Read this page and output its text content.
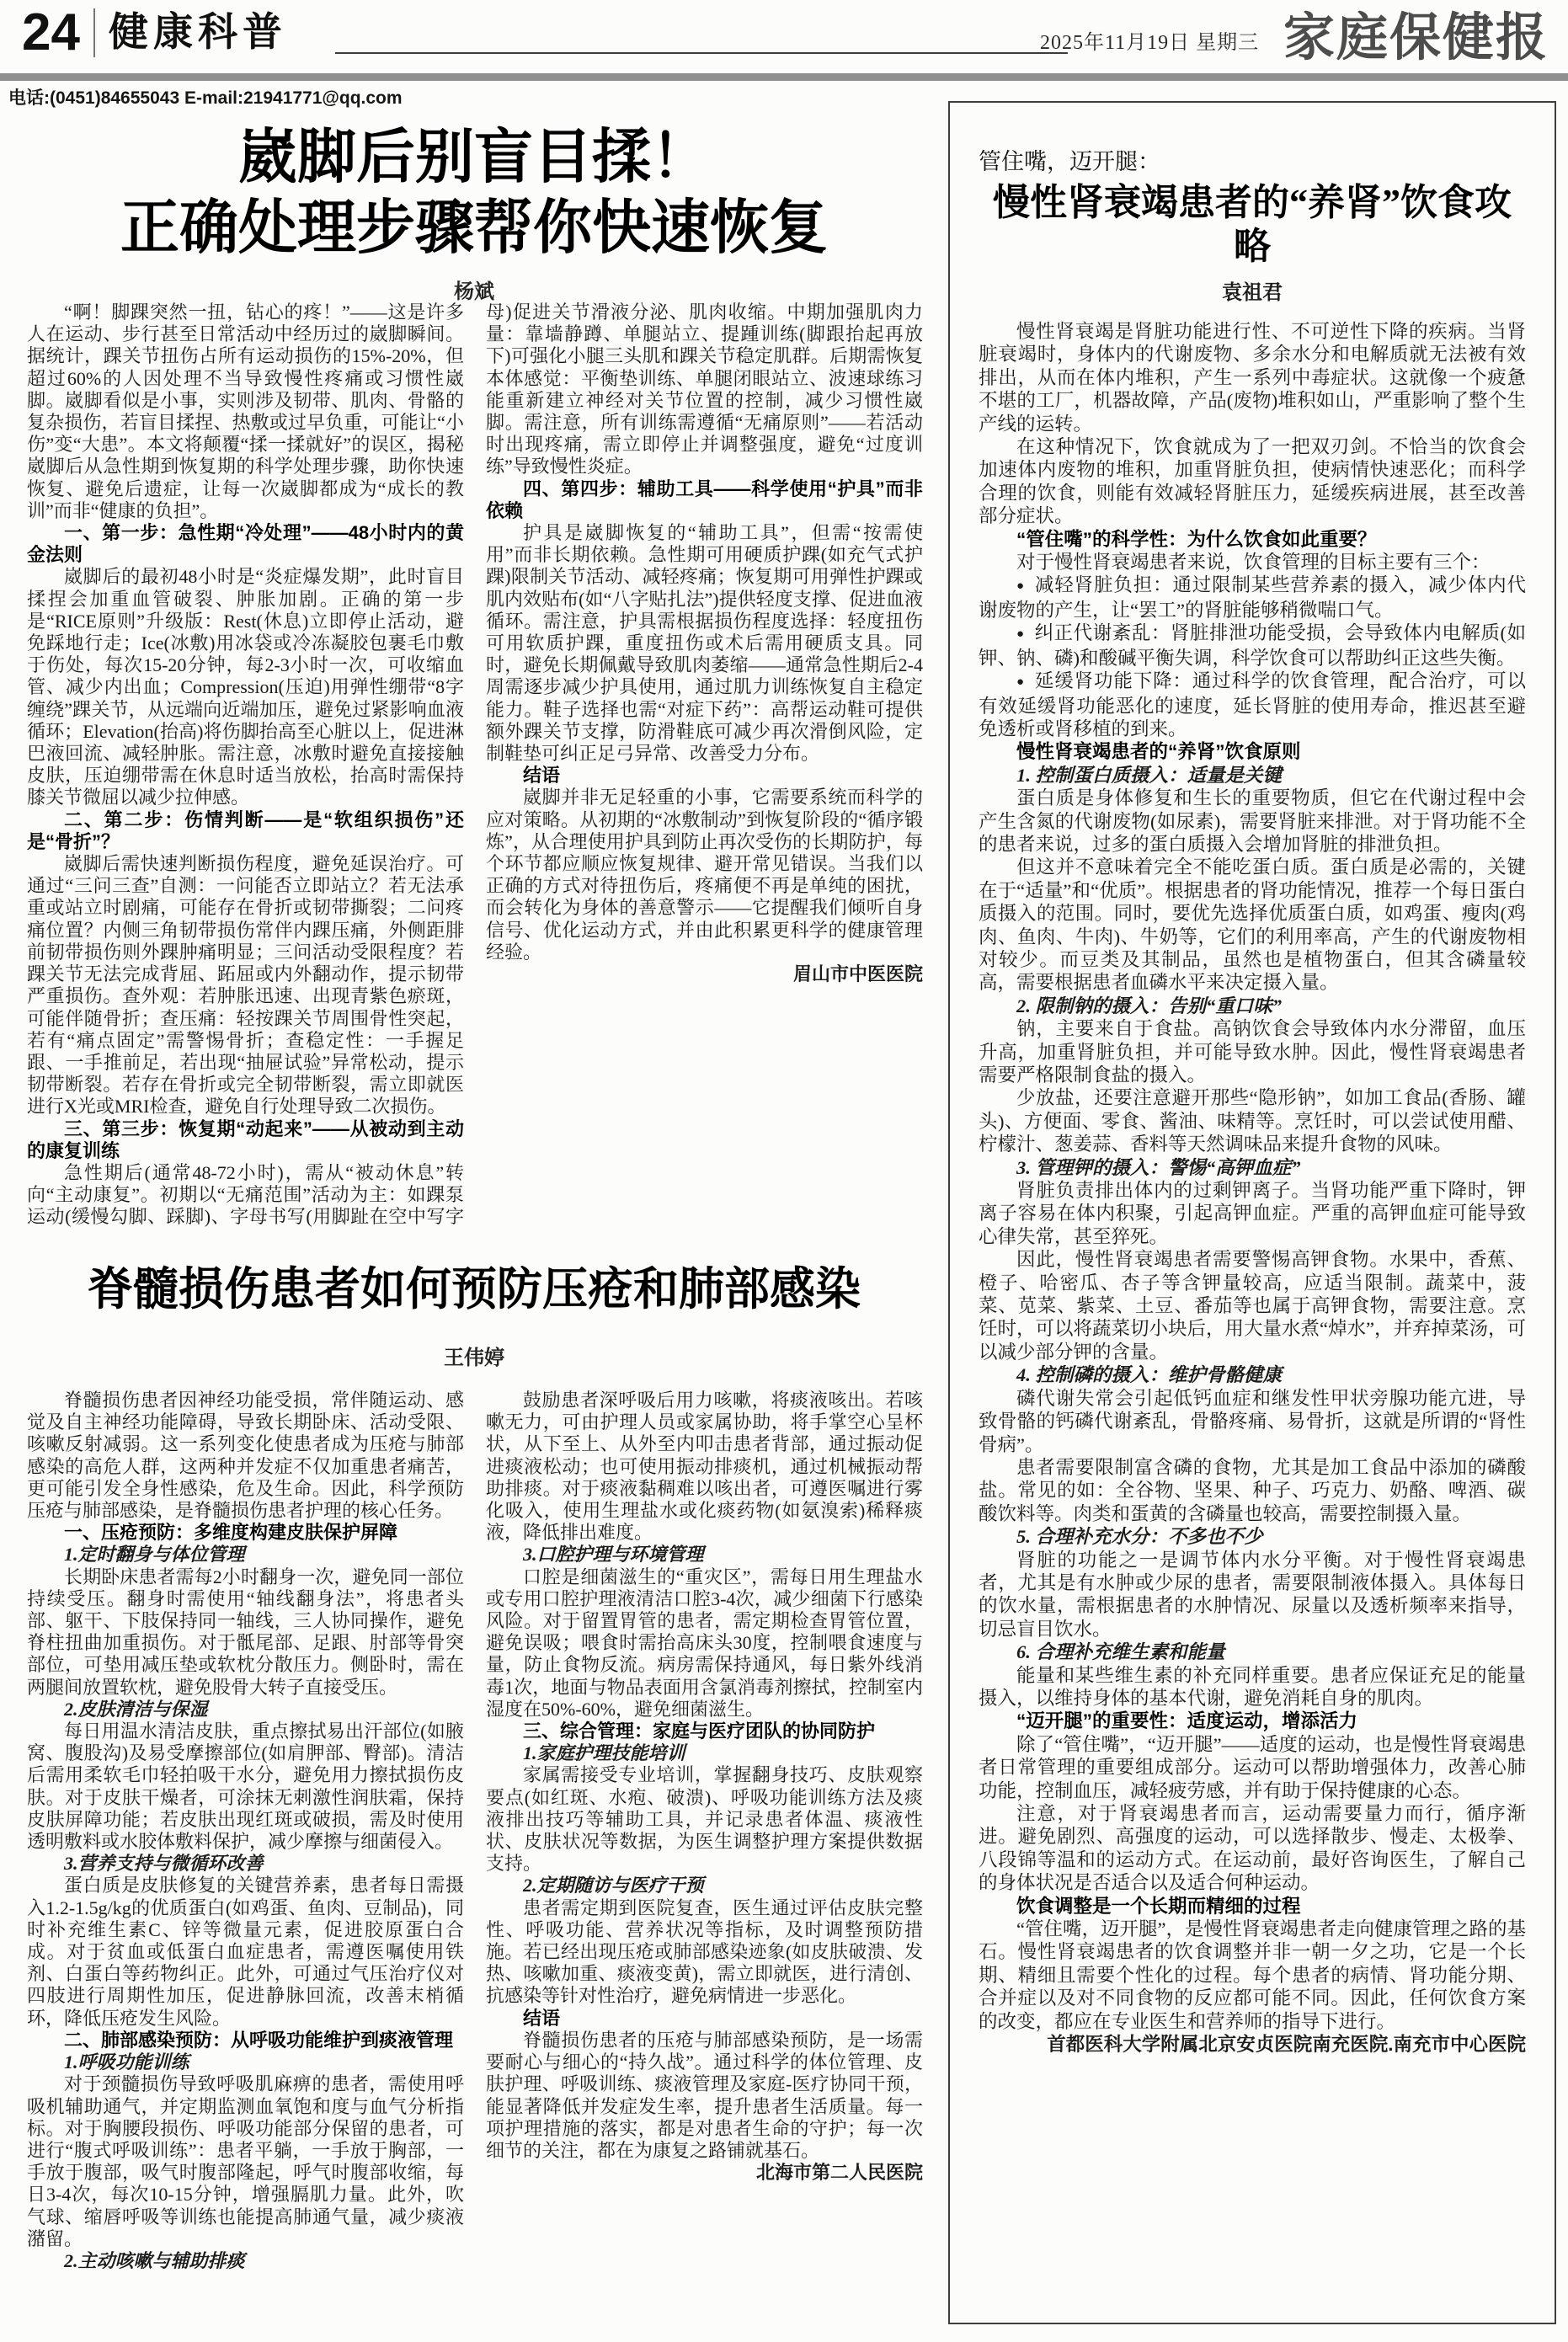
24 健康科普	2025年11月19日 星期三 家庭保健报
电话:(0451)84655043 E-mail:21941771@qq.com
崴脚后别盲目揉！
正确处理步骤帮你快速恢复
杨斌
“啊！脚踝突然一扭，钻心的疼！”——这是许多人在运动、步行甚至日常活动中经历过的崴脚瞬间。据统计，踝关节扭伤占所有运动损伤的15%-20%，但超过60%的人因处理不当导致慢性疼痛或习惯性崴脚。崴脚看似是小事，实则涉及韧带、肌肉、骨骼的复杂损伤，若盲目揉捏、热敷或过早负重，可能让“小伤”变“大患”。本文将颠覆“揉一揉就好”的误区，揭秘崴脚后从急性期到恢复期的科学处理步骤，助你快速恢复、避免后遗症，让每一次崴脚都成为“成长的教训”而非“健康的负担”。
一、第一步：急性期“冷处理”——48小时内的黄金法则
崴脚后的最初48小时是“炎症爆发期”，此时盲目揉捏会加重血管破裂、肿胀加剧。正确的第一步是“RICE原则”升级版：Rest(休息)立即停止活动，避免踩地行走；Ice(冰敷)用冰袋或冷冻凝胶包裹毛巾敷于伤处，每次15-20分钟，每2-3小时一次，可收缩血管、减少内出血；Compression(压迫)用弹性绷带“8字缠绕”踝关节，从远端向近端加压，避免过紧影响血液循环；Elevation(抬高)将伤脚抬高至心脏以上，促进淋巴液回流、减轻肿胀。需注意，冰敷时避免直接接触皮肤，压迫绷带需在休息时适当放松，抬高时需保持膝关节微屈以减少拉伸感。
二、第二步：伤情判断——是“软组织损伤”还是“骨折”？
崴脚后需快速判断损伤程度，避免延误治疗。可通过“三问三查”自测：一问能否立即站立？若无法承重或站立时剧痛，可能存在骨折或韧带撕裂；二问疼痛位置？内侧三角韧带损伤常伴内踝压痛，外侧距腓前韧带损伤则外踝肿痛明显；三问活动受限程度？若踝关节无法完成背屈、跖屈或内外翻动作，提示韧带严重损伤。查外观：若肿胀迅速、出现青紫色瘀斑，可能伴随骨折；查压痛：轻按踝关节周围骨性突起，若有“痛点固定”需警惕骨折；查稳定性：一手握足跟、一手推前足，若出现“抽屉试验”异常松动，提示韧带断裂。若存在骨折或完全韧带断裂，需立即就医进行X光或MRI检查，避免自行处理导致二次损伤。
三、第三步：恢复期“动起来”——从被动到主动的康复训练
急性期后(通常48-72小时)，需从“被动休息”转向“主动康复”。初期以“无痛范围”活动为主：如踝泵运动(缓慢勾脚、踩脚)、字母书写(用脚趾在空中写字母)促进关节滑液分泌、肌肉收缩。中期加强肌肉力量：靠墙静蹲、单腿站立、提踵训练(脚跟抬起再放下)可强化小腿三头肌和踝关节稳定肌群。后期需恢复本体感觉：平衡垫训练、单腿闭眼站立、波速球练习能重新建立神经对关节位置的控制，减少习惯性崴脚。需注意，所有训练需遵循“无痛原则”——若活动时出现疼痛，需立即停止并调整强度，避免“过度训练”导致慢性炎症。
四、第四步：辅助工具——科学使用“护具”而非依赖
护具是崴脚恢复的“辅助工具”，但需“按需使用”而非长期依赖。急性期可用硬质护踝(如充气式护踝)限制关节活动、减轻疼痛；恢复期可用弹性护踝或肌内效贴布(如“八字贴扎法”)提供轻度支撑、促进血液循环。需注意，护具需根据损伤程度选择：轻度扭伤可用软质护踝，重度扭伤或术后需用硬质支具。同时，避免长期佩戴导致肌肉萎缩——通常急性期后2-4周需逐步减少护具使用，通过肌力训练恢复自主稳定能力。鞋子选择也需“对症下药”：高帮运动鞋可提供额外踝关节支撑，防滑鞋底可减少再次滑倒风险，定制鞋垫可纠正足弓异常、改善受力分布。
结语
崴脚并非无足轻重的小事，它需要系统而科学的应对策略。从初期的“冰敷制动”到恢复阶段的“循序锻炼”，从合理使用护具到防止再次受伤的长期防护，每个环节都应顺应恢复规律、避开常见错误。当我们以正确的方式对待扭伤后，疼痛便不再是单纯的困扰，而会转化为身体的善意警示——它提醒我们倾听自身信号、优化运动方式，并由此积累更科学的健康管理经验。
眉山市中医医院
脊髓损伤患者如何预防压疮和肺部感染
王伟婷
脊髓损伤患者因神经功能受损，常伴随运动、感觉及自主神经功能障碍，导致长期卧床、活动受限、咳嗽反射减弱。这一系列变化使患者成为压疮与肺部感染的高危人群，这两种并发症不仅加重患者痛苦，更可能引发全身性感染，危及生命。因此，科学预防压疮与肺部感染，是脊髓损伤患者护理的核心任务。
一、压疮预防：多维度构建皮肤保护屏障
1.定时翻身与体位管理
长期卧床患者需每2小时翻身一次，避免同一部位持续受压。翻身时需使用“轴线翻身法”，将患者头部、躯干、下肢保持同一轴线，三人协同操作，避免脊柱扭曲加重损伤。对于骶尾部、足跟、肘部等骨突部位，可垫用减压垫或软枕分散压力。侧卧时，需在两腿间放置软枕，避免股骨大转子直接受压。
2.皮肤清洁与保湿
每日用温水清洁皮肤，重点擦拭易出汗部位(如腋窝、腹股沟)及易受摩擦部位(如肩胛部、臀部)。清洁后需用柔软毛巾轻拍吸干水分，避免用力擦拭损伤皮肤。对于皮肤干燥者，可涂抹无刺激性润肤霜，保持皮肤屏障功能；若皮肤出现红斑或破损，需及时使用透明敷料或水胶体敷料保护，减少摩擦与细菌侵入。
3.营养支持与微循环改善
蛋白质是皮肤修复的关键营养素，患者每日需摄入1.2-1.5g/kg的优质蛋白(如鸡蛋、鱼肉、豆制品)，同时补充维生素C、锌等微量元素，促进胶原蛋白合成。对于贫血或低蛋白血症患者，需遵医嘱使用铁剂、白蛋白等药物纠正。此外，可通过气压治疗仪对四肢进行周期性加压，促进静脉回流，改善末梢循环，降低压疮发生风险。
二、肺部感染预防：从呼吸功能维护到痰液管理
1.呼吸功能训练
对于颈髓损伤导致呼吸肌麻痹的患者，需使用呼吸机辅助通气，并定期监测血氧饱和度与血气分析指标。对于胸腰段损伤、呼吸功能部分保留的患者，可进行“腹式呼吸训练”：患者平躺，一手放于胸部，一手放于腹部，吸气时腹部隆起，呼气时腹部收缩，每日3-4次，每次10-15分钟，增强膈肌力量。此外，吹气球、缩唇呼吸等训练也能提高肺通气量，减少痰液潴留。
2.主动咳嗽与辅助排痰
鼓励患者深呼吸后用力咳嗽，将痰液咳出。若咳嗽无力，可由护理人员或家属协助，将手掌空心呈杯状，从下至上、从外至内叩击患者背部，通过振动促进痰液松动；也可使用振动排痰机，通过机械振动帮助排痰。对于痰液黏稠难以咳出者，可遵医嘱进行雾化吸入，使用生理盐水或化痰药物(如氨溴索)稀释痰液，降低排出难度。
3.口腔护理与环境管理
口腔是细菌滋生的“重灾区”，需每日用生理盐水或专用口腔护理液清洁口腔3-4次，减少细菌下行感染风险。对于留置胃管的患者，需定期检查胃管位置，避免误吸；喂食时需抬高床头30度，控制喂食速度与量，防止食物反流。病房需保持通风，每日紫外线消毒1次，地面与物品表面用含氯消毒剂擦拭，控制室内湿度在50%-60%，避免细菌滋生。
三、综合管理：家庭与医疗团队的协同防护
1.家庭护理技能培训
家属需接受专业培训，掌握翻身技巧、皮肤观察要点(如红斑、水疱、破溃)、呼吸功能训练方法及痰液排出技巧等辅助工具，并记录患者体温、痰液性状、皮肤状况等数据，为医生调整护理方案提供数据支持。
2.定期随访与医疗干预
患者需定期到医院复查，医生通过评估皮肤完整性、呼吸功能、营养状况等指标，及时调整预防措施。若已经出现压疮或肺部感染迹象(如皮肤破溃、发热、咳嗽加重、痰液变黄)，需立即就医，进行清创、抗感染等针对性治疗，避免病情进一步恶化。
结语
脊髓损伤患者的压疮与肺部感染预防，是一场需要耐心与细心的“持久战”。通过科学的体位管理、皮肤护理、呼吸训练、痰液管理及家庭-医疗协同干预，能显著降低并发症发生率，提升患者生活质量。每一项护理措施的落实，都是对患者生命的守护；每一次细节的关注，都在为康复之路铺就基石。
北海市第二人民医院
管住嘴，迈开腿：
慢性肾衰竭患者的“养肾”饮食攻略
袁祖君
慢性肾衰竭是肾脏功能进行性、不可逆性下降的疾病。当肾脏衰竭时，身体内的代谢废物、多余水分和电解质就无法被有效排出，从而在体内堆积，产生一系列中毒症状。这就像一个疲惫不堪的工厂，机器故障，产品(废物)堆积如山，严重影响了整个生产线的运转。
在这种情况下，饮食就成为了一把双刃剑。不恰当的饮食会加速体内废物的堆积，加重肾脏负担，使病情快速恶化；而科学合理的饮食，则能有效减轻肾脏压力，延缓疾病进展，甚至改善部分症状。
“管住嘴”的科学性：为什么饮食如此重要？
对于慢性肾衰竭患者来说，饮食管理的目标主要有三个：
● 减轻肾脏负担：通过限制某些营养素的摄入，减少体内代谢废物的产生，让“罢工”的肾脏能够稍微喘口气。
● 纠正代谢紊乱：肾脏排泄功能受损，会导致体内电解质(如钾、钠、磷)和酸碱平衡失调，科学饮食可以帮助纠正这些失衡。
● 延缓肾功能下降：通过科学的饮食管理，配合治疗，可以有效延缓肾功能恶化的速度，延长肾脏的使用寿命，推迟甚至避免透析或肾移植的到来。
慢性肾衰竭患者的“养肾”饮食原则
1. 控制蛋白质摄入：适量是关键
蛋白质是身体修复和生长的重要物质，但它在代谢过程中会产生含氮的代谢废物(如尿素)，需要肾脏来排泄。对于肾功能不全的患者来说，过多的蛋白质摄入会增加肾脏的排泄负担。
但这并不意味着完全不能吃蛋白质。蛋白质是必需的，关键在于“适量”和“优质”。根据患者的肾功能情况，推荐一个每日蛋白质摄入的范围。同时，要优先选择优质蛋白质，如鸡蛋、瘦肉(鸡肉、鱼肉、牛肉)、牛奶等，它们的利用率高，产生的代谢废物相对较少。而豆类及其制品，虽然也是植物蛋白，但其含磷量较高，需要根据患者血磷水平来决定摄入量。
2. 限制钠的摄入：告别“重口味”
钠，主要来自于食盐。高钠饮食会导致体内水分滞留，血压升高，加重肾脏负担，并可能导致水肿。因此，慢性肾衰竭患者需要严格限制食盐的摄入。
少放盐，还要注意避开那些“隐形钠”，如加工食品(香肠、罐头)、方便面、零食、酱油、味精等。烹饪时，可以尝试使用醋、柠檬汁、葱姜蒜、香料等天然调味品来提升食物的风味。
3. 管理钾的摄入：警惕“高钾血症”
肾脏负责排出体内的过剩钾离子。当肾功能严重下降时，钾离子容易在体内积聚，引起高钾血症。严重的高钾血症可能导致心律失常，甚至猝死。
因此，慢性肾衰竭患者需要警惕高钾食物。水果中，香蕉、橙子、哈密瓜、杏子等含钾量较高，应适当限制。蔬菜中，菠菜、苋菜、紫菜、土豆、番茄等也属于高钾食物，需要注意。烹饪时，可以将蔬菜切小块后，用大量水煮“焯水”，并弃掉菜汤，可以减少部分钾的含量。
4. 控制磷的摄入：维护骨骼健康
磷代谢失常会引起低钙血症和继发性甲状旁腺功能亢进，导致骨骼的钙磷代谢紊乱，骨骼疼痛、易骨折，这就是所谓的“肾性骨病”。
患者需要限制富含磷的食物，尤其是加工食品中添加的磷酸盐。常见的如：全谷物、坚果、种子、巧克力、奶酪、啤酒、碳酸饮料等。肉类和蛋黄的含磷量也较高，需要控制摄入量。
5. 合理补充水分：不多也不少
肾脏的功能之一是调节体内水分平衡。对于慢性肾衰竭患者，尤其是有水肿或少尿的患者，需要限制液体摄入。具体每日的饮水量，需根据患者的水肿情况、尿量以及透析频率来指导，切忌盲目饮水。
6. 合理补充维生素和能量
能量和某些维生素的补充同样重要。患者应保证充足的能量摄入，以维持身体的基本代谢，避免消耗自身的肌肉。
“迈开腿”的重要性：适度运动，增添活力
除了“管住嘴”，“迈开腿”——适度的运动，也是慢性肾衰竭患者日常管理的重要组成部分。运动可以帮助增强体力，改善心肺功能，控制血压，减轻疲劳感，并有助于保持健康的心态。
注意，对于肾衰竭患者而言，运动需要量力而行，循序渐进。避免剧烈、高强度的运动，可以选择散步、慢走、太极拳、八段锦等温和的运动方式。在运动前，最好咨询医生，了解自己的身体状况是否适合以及适合何种运动。
饮食调整是一个长期而精细的过程
“管住嘴，迈开腿”，是慢性肾衰竭患者走向健康管理之路的基石。慢性肾衰竭患者的饮食调整并非一朝一夕之功，它是一个长期、精细且需要个性化的过程。每个患者的病情、肾功能分期、合并症以及对不同食物的反应都可能不同。因此，任何饮食方案的改变，都应在专业医生和营养师的指导下进行。
首都医科大学附属北京安贞医院南充医院.南充市中心医院
